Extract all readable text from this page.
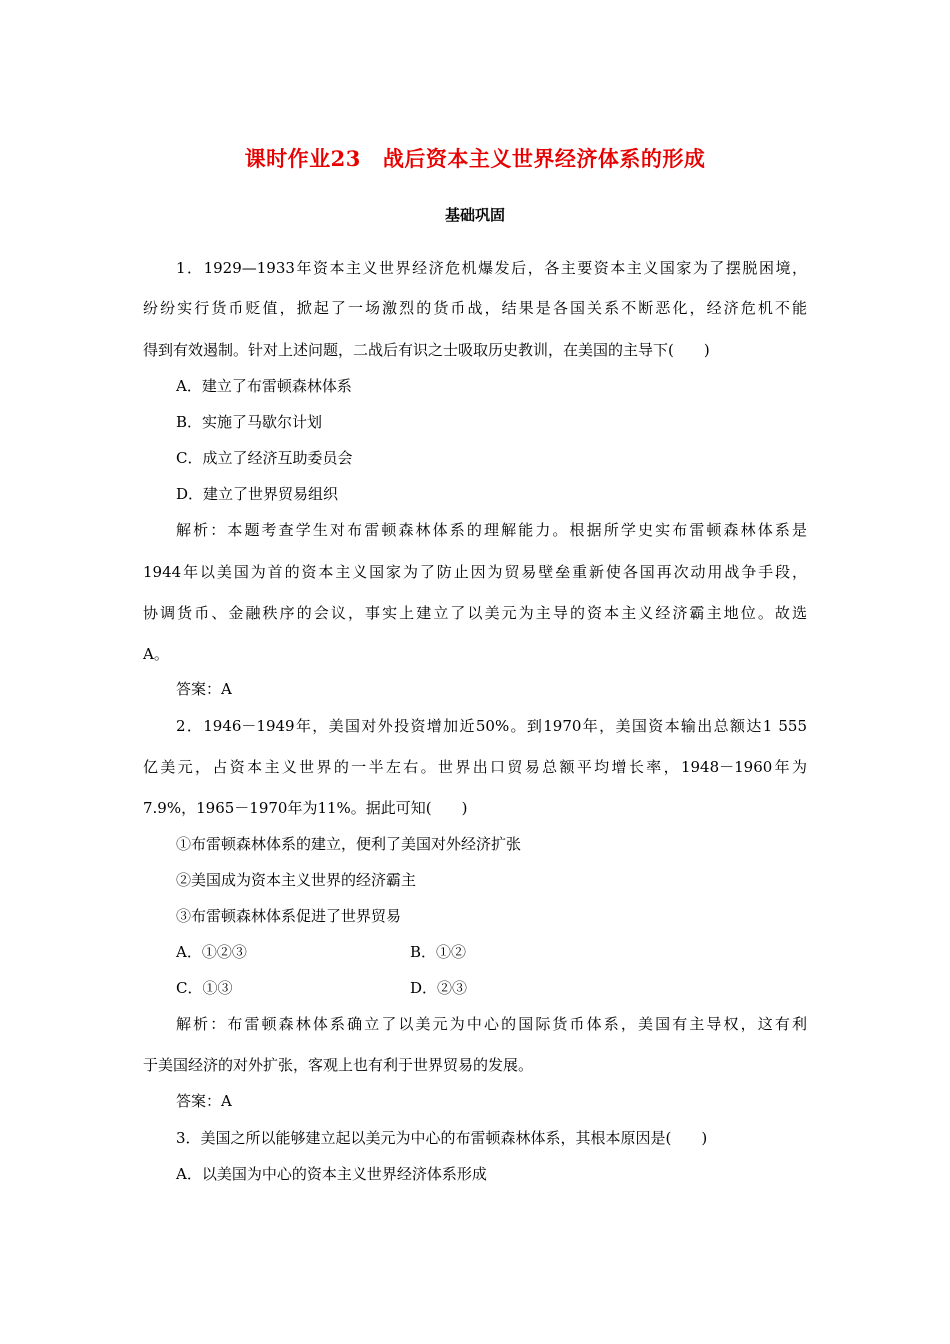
课时作业23 战后资本主义世界经济体系的形成
基础巩固
1．1929—1933年资本主义世界经济危机爆发后，各主要资本主义国家为了摆脱困境，
纷纷实行货币贬值，掀起了一场激烈的货币战，结果是各国关系不断恶化，经济危机不能
得到有效遏制。针对上述问题，二战后有识之士吸取历史教训，在美国的主导下(　　)
A．建立了布雷顿森林体系
B．实施了马歇尔计划
C．成立了经济互助委员会
D．建立了世界贸易组织
解析：本题考查学生对布雷顿森林体系的理解能力。根据所学史实布雷顿森林体系是
1944年以美国为首的资本主义国家为了防止因为贸易壁垒重新使各国再次动用战争手段，
协调货币、金融秩序的会议，事实上建立了以美元为主导的资本主义经济霸主地位。故选
A。
答案：A
2．1946－1949年，美国对外投资增加近50%。到1970年，美国资本输出总额达1 555
亿美元，占资本主义世界的一半左右。世界出口贸易总额平均增长率，1948－1960年为
7.9%，1965－1970年为11%。据此可知(　　)
①布雷顿森林体系的建立，便利了美国对外经济扩张
②美国成为资本主义世界的经济霸主
③布雷顿森林体系促进了世界贸易
A．①②③	B．①②
C．①③	D．②③
解析：布雷顿森林体系确立了以美元为中心的国际货币体系，美国有主导权，这有利
于美国经济的对外扩张，客观上也有利于世界贸易的发展。
答案：A
3．美国之所以能够建立起以美元为中心的布雷顿森林体系，其根本原因是(　　)
A．以美国为中心的资本主义世界经济体系形成
